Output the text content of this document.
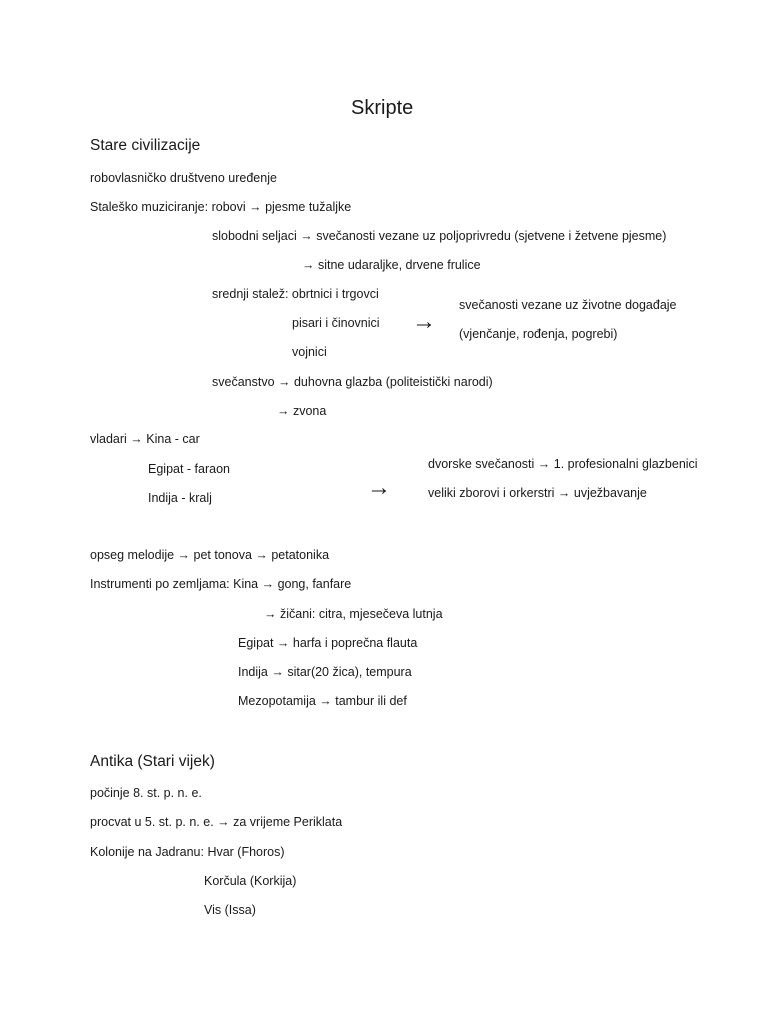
Skripte
Stare civilizacije
robovlasničko društveno uređenje
Staleško muziciranje: robovi → pjesme tužaljke
slobodni seljaci → svečanosti vezane uz poljoprivredu (sjetvene i žetvene pjesme)
→ sitne udaraljke, drvene frulice
srednji stalež: obrtnici i trgovci
pisari i činovnici
vojnici
→
svečanosti vezane uz životne događaje
(vjenčanje, rođenja, pogrebi)
svečanstvo → duhovna glazba (politeistički narodi)
→ zvona
vladari → Kina - car
Egipat - faraon
Indija - kralj	→
dvorske svečanosti → 1. profesionalni glazbenici
veliki zborovi i orkerstri → uvježbavanje
opseg melodije → pet tonova → petatonika
Instrumenti po zemljama: Kina → gong, fanfare
→ žičani: citra, mjesečeva lutnja
Egipat → harfa i poprečna flauta
Indija → sitar(20 žica), tempura
Mezopotamija → tambur ili def
Antika (Stari vijek)
počinje 8. st. p. n. e.
procvat u 5. st. p. n. e. → za vrijeme Periklata
Kolonije na Jadranu: Hvar (Fhoros)
Korčula (Korkija)
Vis (Issa)
